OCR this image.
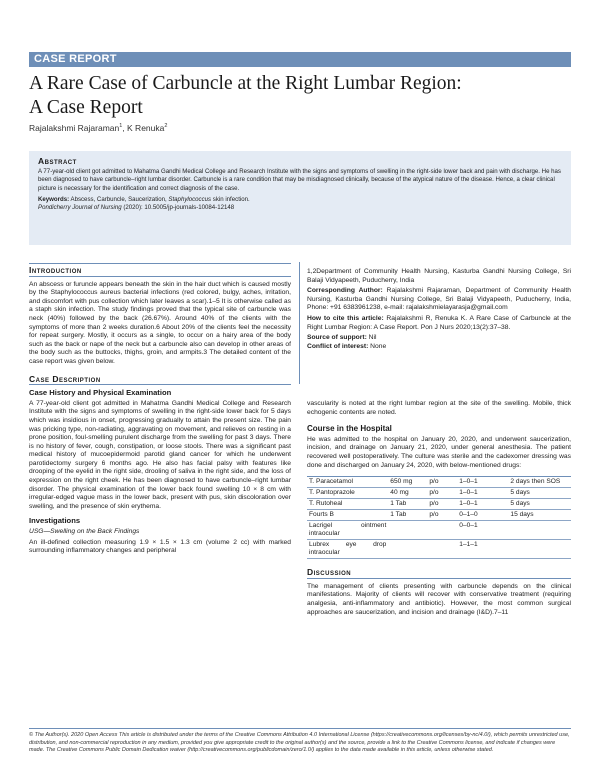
CASE REPORT
A Rare Case of Carbuncle at the Right Lumbar Region:
A Case Report
Rajalakshmi Rajaraman$^1$, K Renuka$^2$
Abstract

A 77-year-old client got admitted to Mahatma Gandhi Medical College and Research Institute with the signs and symptoms of swelling in the right-side lower back and pain with discharge. He has been diagnosed to have carbuncle–right lumbar disorder. Carbuncle is a rare condition that may be misdiagnosed clinically, because of the atypical nature of the disease. Hence, a clear clinical picture is necessary for the identification and correct diagnosis of the case.

Keywords: Abscess, Carbuncle, Saucerization, Staphylococcus skin infection.

Pondicherry Journal of Nursing (2020): 10.5005/jp-journals-10084-12148

Introduction

An abscess or furuncle appears beneath the skin in the hair duct which is caused mostly by the Staphylococcus aureus bacterial infections (red colored, bulgy, aches, irritation, and discomfort with pus collection which later leaves a scar).1–5 It is otherwise called as a staph skin infection. The study findings proved that the typical site of carbuncle was neck (40%) followed by the back (26.67%). Around 40% of the clients with the symptoms of more than 2 weeks duration.6 About 20% of the clients feel the necessity for repeat surgery. Mostly, it occurs as a single, to occur on a hairy area of the body such as the back or nape of the neck but a carbuncle also can develop in other areas of the body such as the buttocks, thighs, groin, and armpits.3 The detailed content of the case report was given below.

Case Description
Case History and Physical Examination

A 77-year-old client got admitted in Mahatma Gandhi Medical College and Research Institute with the signs and symptoms of swelling in the right-side lower back for 5 days which was insidious in onset, progressing gradually to attain the present size. The pain was pricking type, non-radiating, aggravating on movement, and relieves on resting in a prone position, foul-smelling purulent discharge from the swelling for past 3 days. There is no history of fever, cough, constipation, or loose stools. There was a significant past medical history of mucoepidermoid parotid gland cancer for which he underwent parotidectomy surgery 6 months ago. He also has facial palsy with features like drooping of the eyelid in the right side, drooling of saliva in the right side, and the loss of expression on the right cheek. He has been diagnosed to have carbuncle–right lumbar disorder. The physical examination of the lower back found swelling 10 × 8 cm with irregular-edged vague mass in the lower back, present with pus, skin discoloration over swelling, and the presence of skin erythema.

Investigations

USG—Swelling on the Back Findings

An ill-defined collection measuring 1.9 × 1.5 × 1.3 cm (volume 2 cc) with marked surrounding inflammatory changes and peripheral

1,2Department of Community Health Nursing, Kasturba Gandhi Nursing College, Sri Balaji Vidyapeeth, Puducherry, India

Corresponding Author: Rajalakshmi Rajaraman, Department of Community Health Nursing, Kasturba Gandhi Nursing College, Sri Balaji Vidyapeeth, Puducherry, India, Phone: +91 6383961238, e-mail: rajalakshmielayarasja@gmail.com

How to cite this article: Rajalakshmi R, Renuka K. A Rare Case of Carbuncle at the Right Lumbar Region: A Case Report. Pon J Nurs 2020;13(2):37–38.

Source of support: Nil

Conflict of interest: None

vascularity is noted at the right lumbar region at the site of the swelling. Mobile, thick echogenic contents are noted.

Course in the Hospital

He was admitted to the hospital on January 20, 2020, and underwent saucerization, incision, and drainage on January 21, 2020, under general anesthesia. The patient recovered well postoperatively. The culture was sterile and the cadexomer dressing was done and discharged on January 24, 2020, with below-mentioned drugs:

T. Paracetamol	650 mg	p/o	1–0–1	2 days then SOS
T. Pantoprazole	40 mg	p/o	1–0–1	5 days
T. Rutoheal	1 Tab	p/o	1–0–1	5 days
Fourts B	1 Tab	p/o	0–1–0	15 days
Lacrigel ointment intraocular			0–0–1	
Lubrex eye drop intraocular			1–1–1	
Discussion

The management of clients presenting with carbuncle depends on the clinical manifestations. Majority of clients will recover with conservative treatment (requiring analgesia, anti-inflammatory and antibiotic). However, the most common surgical approaches are saucerization, and incision and drainage (I&D).7–11

© The Author(s). 2020 Open Access This article is distributed under the terms of the Creative Commons Attribution 4.0 International License (https://creativecommons.org/licenses/by-nc/4.0/), which permits unrestricted use, distribution, and non-commercial reproduction in any medium, provided you give appropriate credit to the original author(s) and the source, provide a link to the Creative Commons license, and indicate if changes were made. The Creative Commons Public Domain Dedication waiver (http://creativecommons.org/publicdomain/zero/1.0/) applies to the data made available in this article, unless otherwise stated.
